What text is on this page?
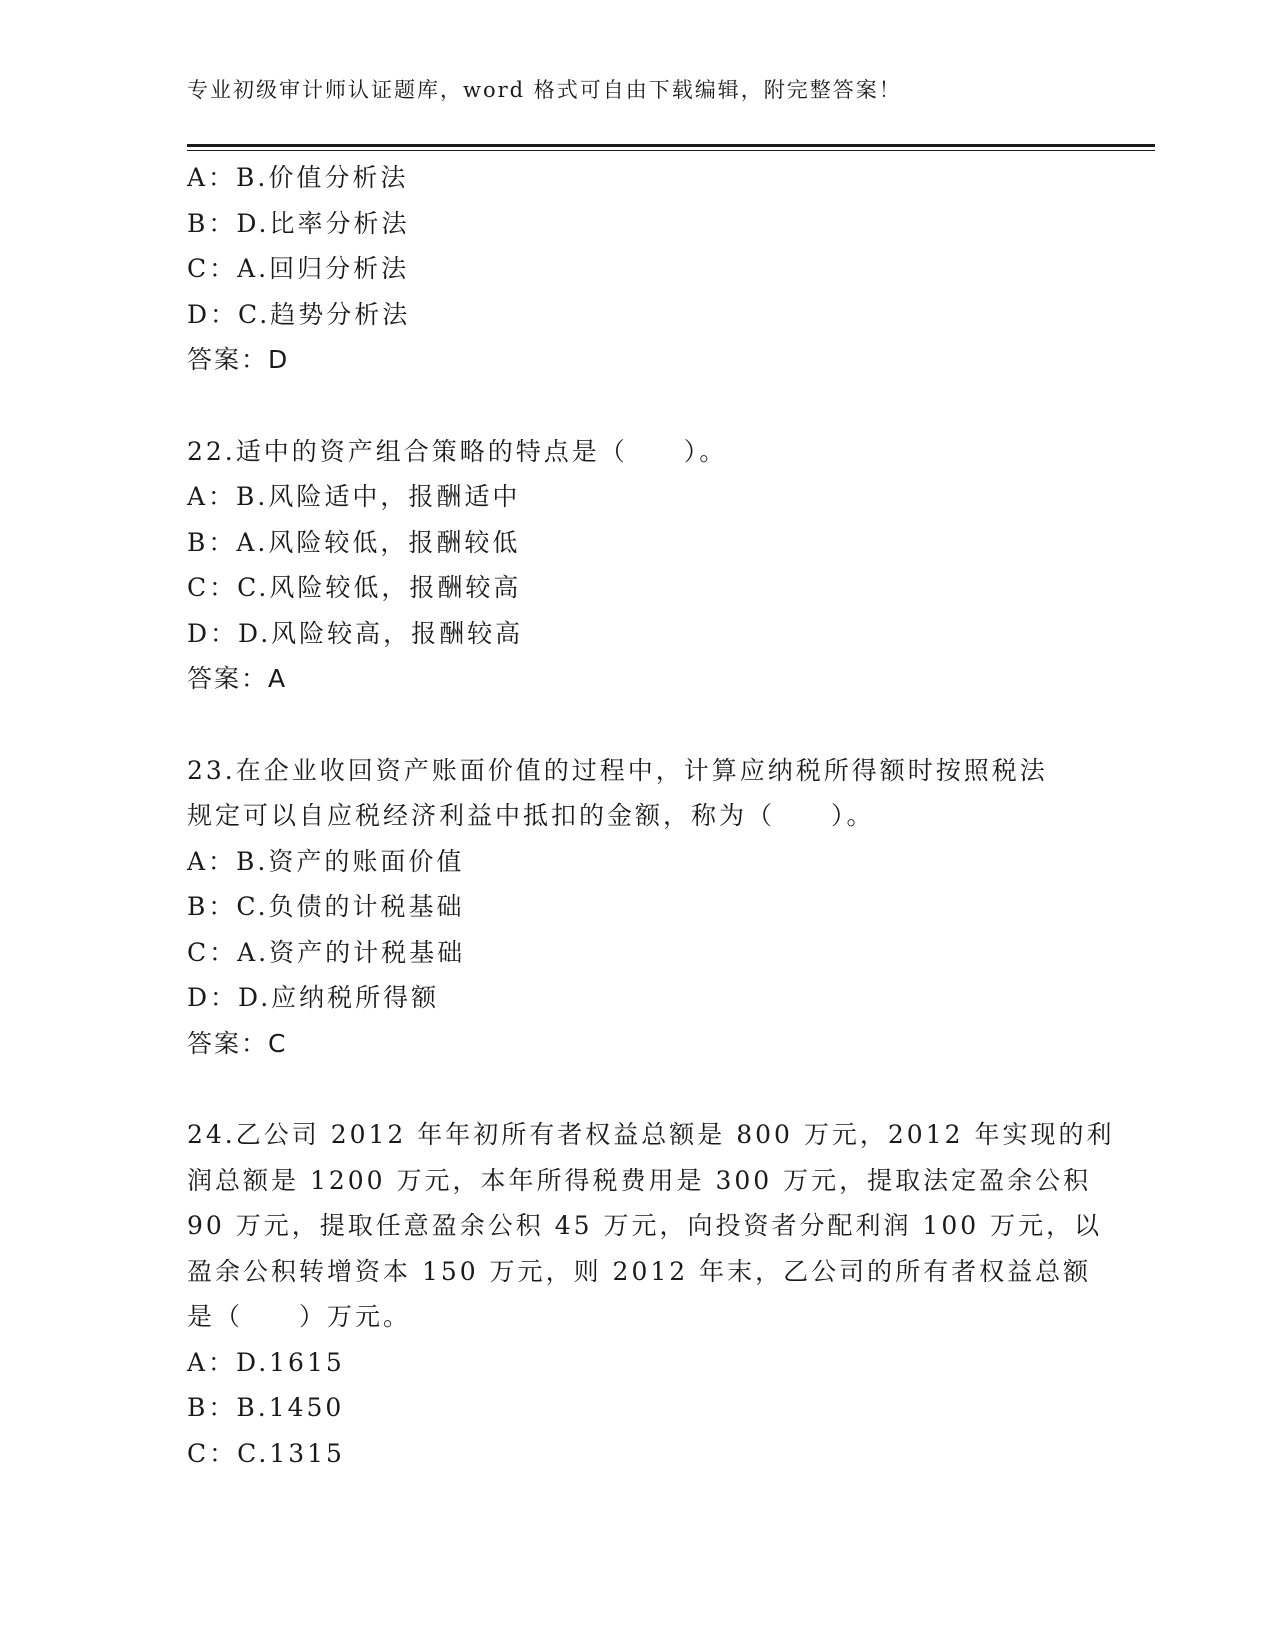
专业初级审计师认证题库，word 格式可自由下载编辑，附完整答案！
A：B.价值分析法
B：D.比率分析法
C：A.回归分析法
D：C.趋势分析法
答案：D
22.适中的资产组合策略的特点是（　　）。
A：B.风险适中，报酬适中
B：A.风险较低，报酬较低
C：C.风险较低，报酬较高
D：D.风险较高，报酬较高
答案：A
23.在企业收回资产账面价值的过程中，计算应纳税所得额时按照税法
规定可以自应税经济利益中抵扣的金额，称为（　　）。
A：B.资产的账面价值
B：C.负债的计税基础
C：A.资产的计税基础
D：D.应纳税所得额
答案：C
24.乙公司 2012 年年初所有者权益总额是 800 万元，2012 年实现的利
润总额是 1200 万元，本年所得税费用是 300 万元，提取法定盈余公积
90 万元，提取任意盈余公积 45 万元，向投资者分配利润 100 万元，以
盈余公积转增资本 150 万元，则 2012 年末，乙公司的所有者权益总额
是（　　）万元。
A：D.1615
B：B.1450
C：C.1315
